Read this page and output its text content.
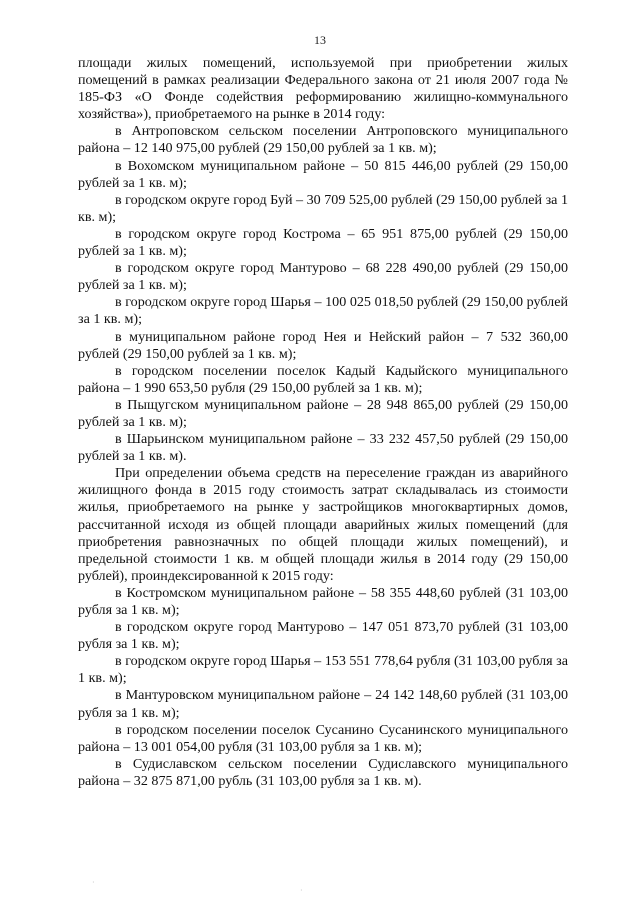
13

площади жилых помещений, используемой при приобретении жилых помещений в рамках реализации Федерального закона от 21 июля 2007 года № 185-ФЗ «О Фонде содействия реформированию жилищно-коммунального хозяйства»), приобретаемого на рынке в 2014 году:

в Антроповском сельском поселении Антроповского муниципального района – 12 140 975,00 рублей (29 150,00 рублей за 1 кв. м);

в Вохомском муниципальном районе – 50 815 446,00 рублей (29 150,00 рублей за 1 кв. м);

в городском округе город Буй – 30 709 525,00 рублей (29 150,00 рублей за 1 кв. м);

в городском округе город Кострома – 65 951 875,00 рублей (29 150,00 рублей за 1 кв. м);

в городском округе город Мантурово – 68 228 490,00 рублей (29 150,00 рублей за 1 кв. м);

в городском округе город Шарья – 100 025 018,50 рублей (29 150,00 рублей за 1 кв. м);

в муниципальном районе город Нея и Нейский район – 7 532 360,00 рублей (29 150,00 рублей за 1 кв. м);

в городском поселении поселок Кадый Кадыйского муниципального района – 1 990 653,50 рубля (29 150,00 рублей за 1 кв. м);

в Пыщугском муниципальном районе – 28 948 865,00 рублей (29 150,00 рублей за 1 кв. м);

в Шарьинском муниципальном районе – 33 232 457,50 рублей (29 150,00 рублей за 1 кв. м).

При определении объема средств на переселение граждан из аварийного жилищного фонда в 2015 году стоимость затрат складывалась из стоимости жилья, приобретаемого на рынке у застройщиков многоквартирных домов, рассчитанной исходя из общей площади аварийных жилых помещений (для приобретения равнозначных по общей площади жилых помещений), и предельной стоимости 1 кв. м общей площади жилья в 2014 году (29 150,00 рублей), проиндексированной к 2015 году:

в Костромском муниципальном районе – 58 355 448,60 рублей (31 103,00 рубля за 1 кв. м);

в городском округе город Мантурово – 147 051 873,70 рублей (31 103,00 рубля за 1 кв. м);

в городском округе город Шарья – 153 551 778,64 рубля (31 103,00 рубля за 1 кв. м);

в Мантуровском муниципальном районе – 24 142 148,60 рублей (31 103,00 рубля за 1 кв. м);

в городском поселении поселок Сусанино Сусанинского муниципального района – 13 001 054,00 рубля (31 103,00 рубля за 1 кв. м);

в Судиславском сельском поселении Судиславского муниципального района – 32 875 871,00 рубль (31 103,00 рубля за 1 кв. м).

·
·
